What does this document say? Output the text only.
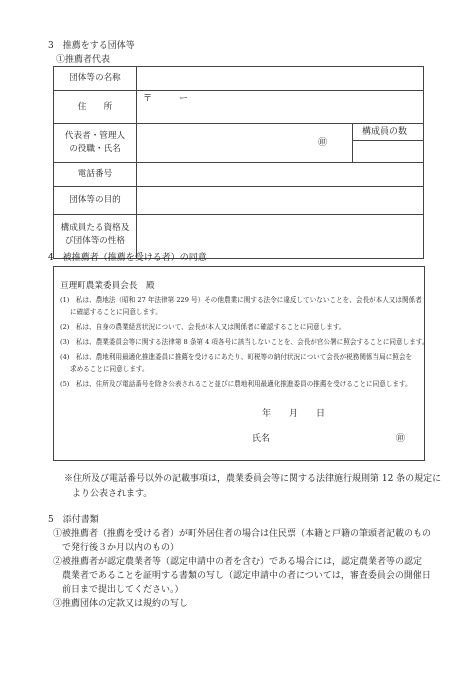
3　推薦をする団体等
①推薦者代表
団体等の名称
住　　所
〒　　　ー
代表者・管理人
の役職・氏名
㊞
構成員の数
電話番号
団体等の目的
構成員たる資格及
び団体等の性格
4　被推薦者（推薦を受ける者）の同意
亘理町農業委員会長　殿
(1)　私は、農地法（昭和 27 年法律第 229 号）その他農業に関する法令に違反していないことを、会長が本人又は関係者
に確認することに同意します。
(2)　私は、自身の農業経営状況について、会長が本人又は関係者に確認することに同意します。
(3)　私は、農業委員会等に関する法律第 8 条第 4 項各号に該当しないことを、会長が官公署に照会することに同意します。
(4)　私は、農地利用最適化推進委員に推薦を受けるにあたり、町税等の納付状況について会長が税務関係当局に照会を
求めることに同意します。
(5)　私は、住所及び電話番号を除き公表されること並びに農地利用最適化推進委員の推薦を受けることに同意します。
年　　月　　日
氏名	㊞
※住所及び電話番号以外の記載事項は，農業委員会等に関する法律施行規則第 12 条の規定に
より公表されます。
5　添付書類
①被推薦者（推薦を受ける者）が町外居住者の場合は住民票（本籍と戸籍の筆頭者記載のもの
　で発行後３か月以内のもの）
②被推薦者が認定農業者等（認定申請中の者を含む）である場合には，認定農業者等の認定
　農業者であることを証明する書類の写し（認定申請中の者については，審査委員会の開催日
　前日まで提出してください。）
③推薦団体の定款又は規約の写し
